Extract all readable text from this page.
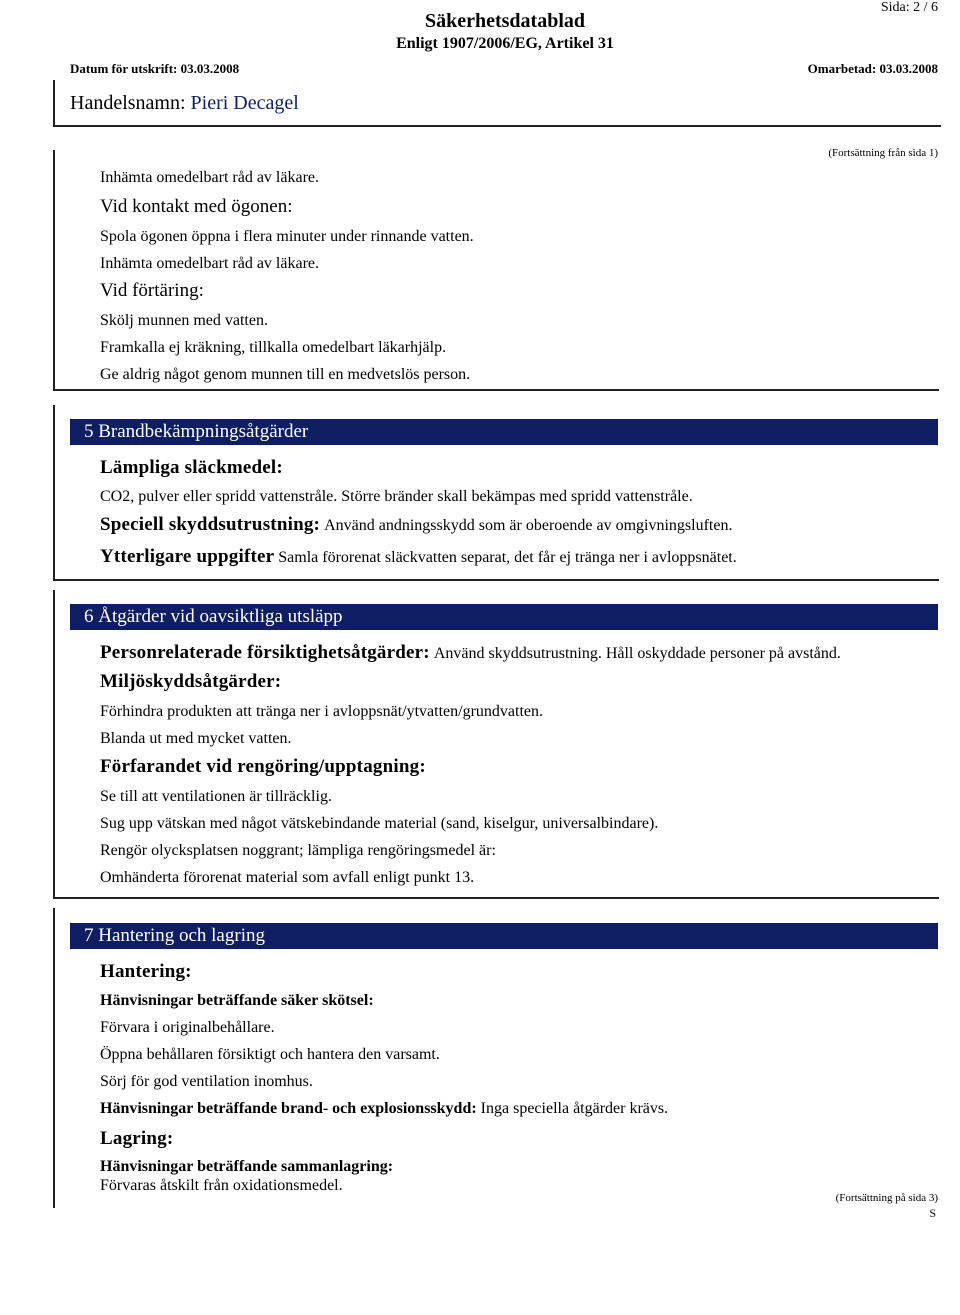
Sida: 2 / 6
Säkerhetsdatablad
Enligt 1907/2006/EG, Artikel 31
Datum för utskrift: 03.03.2008	Omarbetad: 03.03.2008
Handelsnamn: Pieri Decagel
(Fortsättning från sida 1)
Inhämta omedelbart råd av läkare.
Vid kontakt med ögonen:
Spola ögonen öppna i flera minuter under rinnande vatten.
Inhämta omedelbart råd av läkare.
Vid förtäring:
Skölj munnen med vatten.
Framkalla ej kräkning, tillkalla omedelbart läkarhjälp.
Ge aldrig något genom munnen till en medvetslös person.
5 Brandbekämpningsåtgärder
Lämpliga släckmedel:
CO2, pulver eller spridd vattenstråle. Större bränder skall bekämpas med spridd vattenstråle.
Speciell skyddsutrustning: Använd andningsskydd som är oberoende av omgivningsluften.
Ytterligare uppgifter Samla förorenat släckvatten separat, det får ej tränga ner i avloppsnätet.
6 Åtgärder vid oavsiktliga utsläpp
Personrelaterade försiktighetsåtgärder: Använd skyddsutrustning. Håll oskyddade personer på avstånd.
Miljöskyddsåtgärder:
Förhindra produkten att tränga ner i avloppsnät/ytvatten/grundvatten.
Blanda ut med mycket vatten.
Förfarandet vid rengöring/upptagning:
Se till att ventilationen är tillräcklig.
Sug upp vätskan med något vätskebindande material (sand, kiselgur, universalbindare).
Rengör olycksplatsen noggrant; lämpliga rengöringsmedel är:
Omhänderta förorenat material som avfall enligt punkt 13.
7 Hantering och lagring
Hantering:
Hänvisningar beträffande säker skötsel:
Förvara i originalbehållare.
Öppna behållaren försiktigt och hantera den varsamt.
Sörj för god ventilation inomhus.
Hänvisningar beträffande brand- och explosionsskydd: Inga speciella åtgärder krävs.
Lagring:
Hänvisningar beträffande sammanlagring:
Förvaras åtskilt från oxidationsmedel.
(Fortsättning på sida 3)
S
